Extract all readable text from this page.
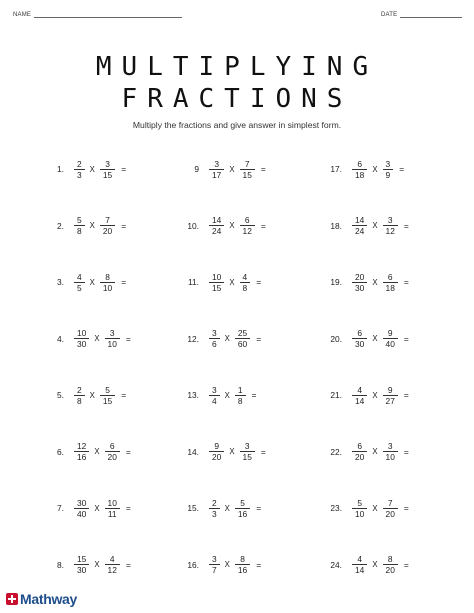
NAME	DATE
MULTIPLYING
FRACTIONS
Multiply the fractions and give answer in simplest form.
1. $\frac{2}{3}$ X $\frac{3}{15}$ =
2. $\frac{5}{8}$ X $\frac{7}{20}$ =
3. $\frac{4}{5}$ X $\frac{8}{10}$ =
4. $\frac{10}{30}$ X $\frac{3}{10}$ =
5. $\frac{2}{8}$ X $\frac{5}{15}$ =
6. $\frac{12}{16}$ X $\frac{6}{20}$ =
7. $\frac{30}{40}$ X $\frac{10}{11}$ =
8. $\frac{15}{30}$ X $\frac{4}{12}$ =
$9 \frac{3}{17}$ X $\frac{7}{15}$ =
10. $\frac{14}{24}$ X $\frac{6}{12}$ =
11. $\frac{10}{15}$ X $\frac{4}{8}$ =
12. $\frac{3}{6}$ X $\frac{25}{60}$ =
13. $\frac{3}{4}$ X $\frac{1}{8}$ =
14. $\frac{9}{20}$ X $\frac{3}{15}$ =
15. $\frac{2}{3}$ X $\frac{5}{16}$ =
16. $\frac{3}{7}$ X $\frac{8}{16}$ =
17. $\frac{6}{18}$ X $\frac{3}{9}$ =
18. $\frac{14}{24}$ X $\frac{3}{12}$ =
19. $\frac{20}{30}$ X $\frac{6}{18}$ =
20. $\frac{6}{30}$ X $\frac{9}{40}$ =
21. $\frac{4}{14}$ X $\frac{9}{27}$ =
22. $\frac{6}{20}$ X $\frac{3}{10}$ =
23. $\frac{5}{10}$ X $\frac{7}{20}$ =
24. $\frac{4}{14}$ X $\frac{8}{20}$ =
Mathway
